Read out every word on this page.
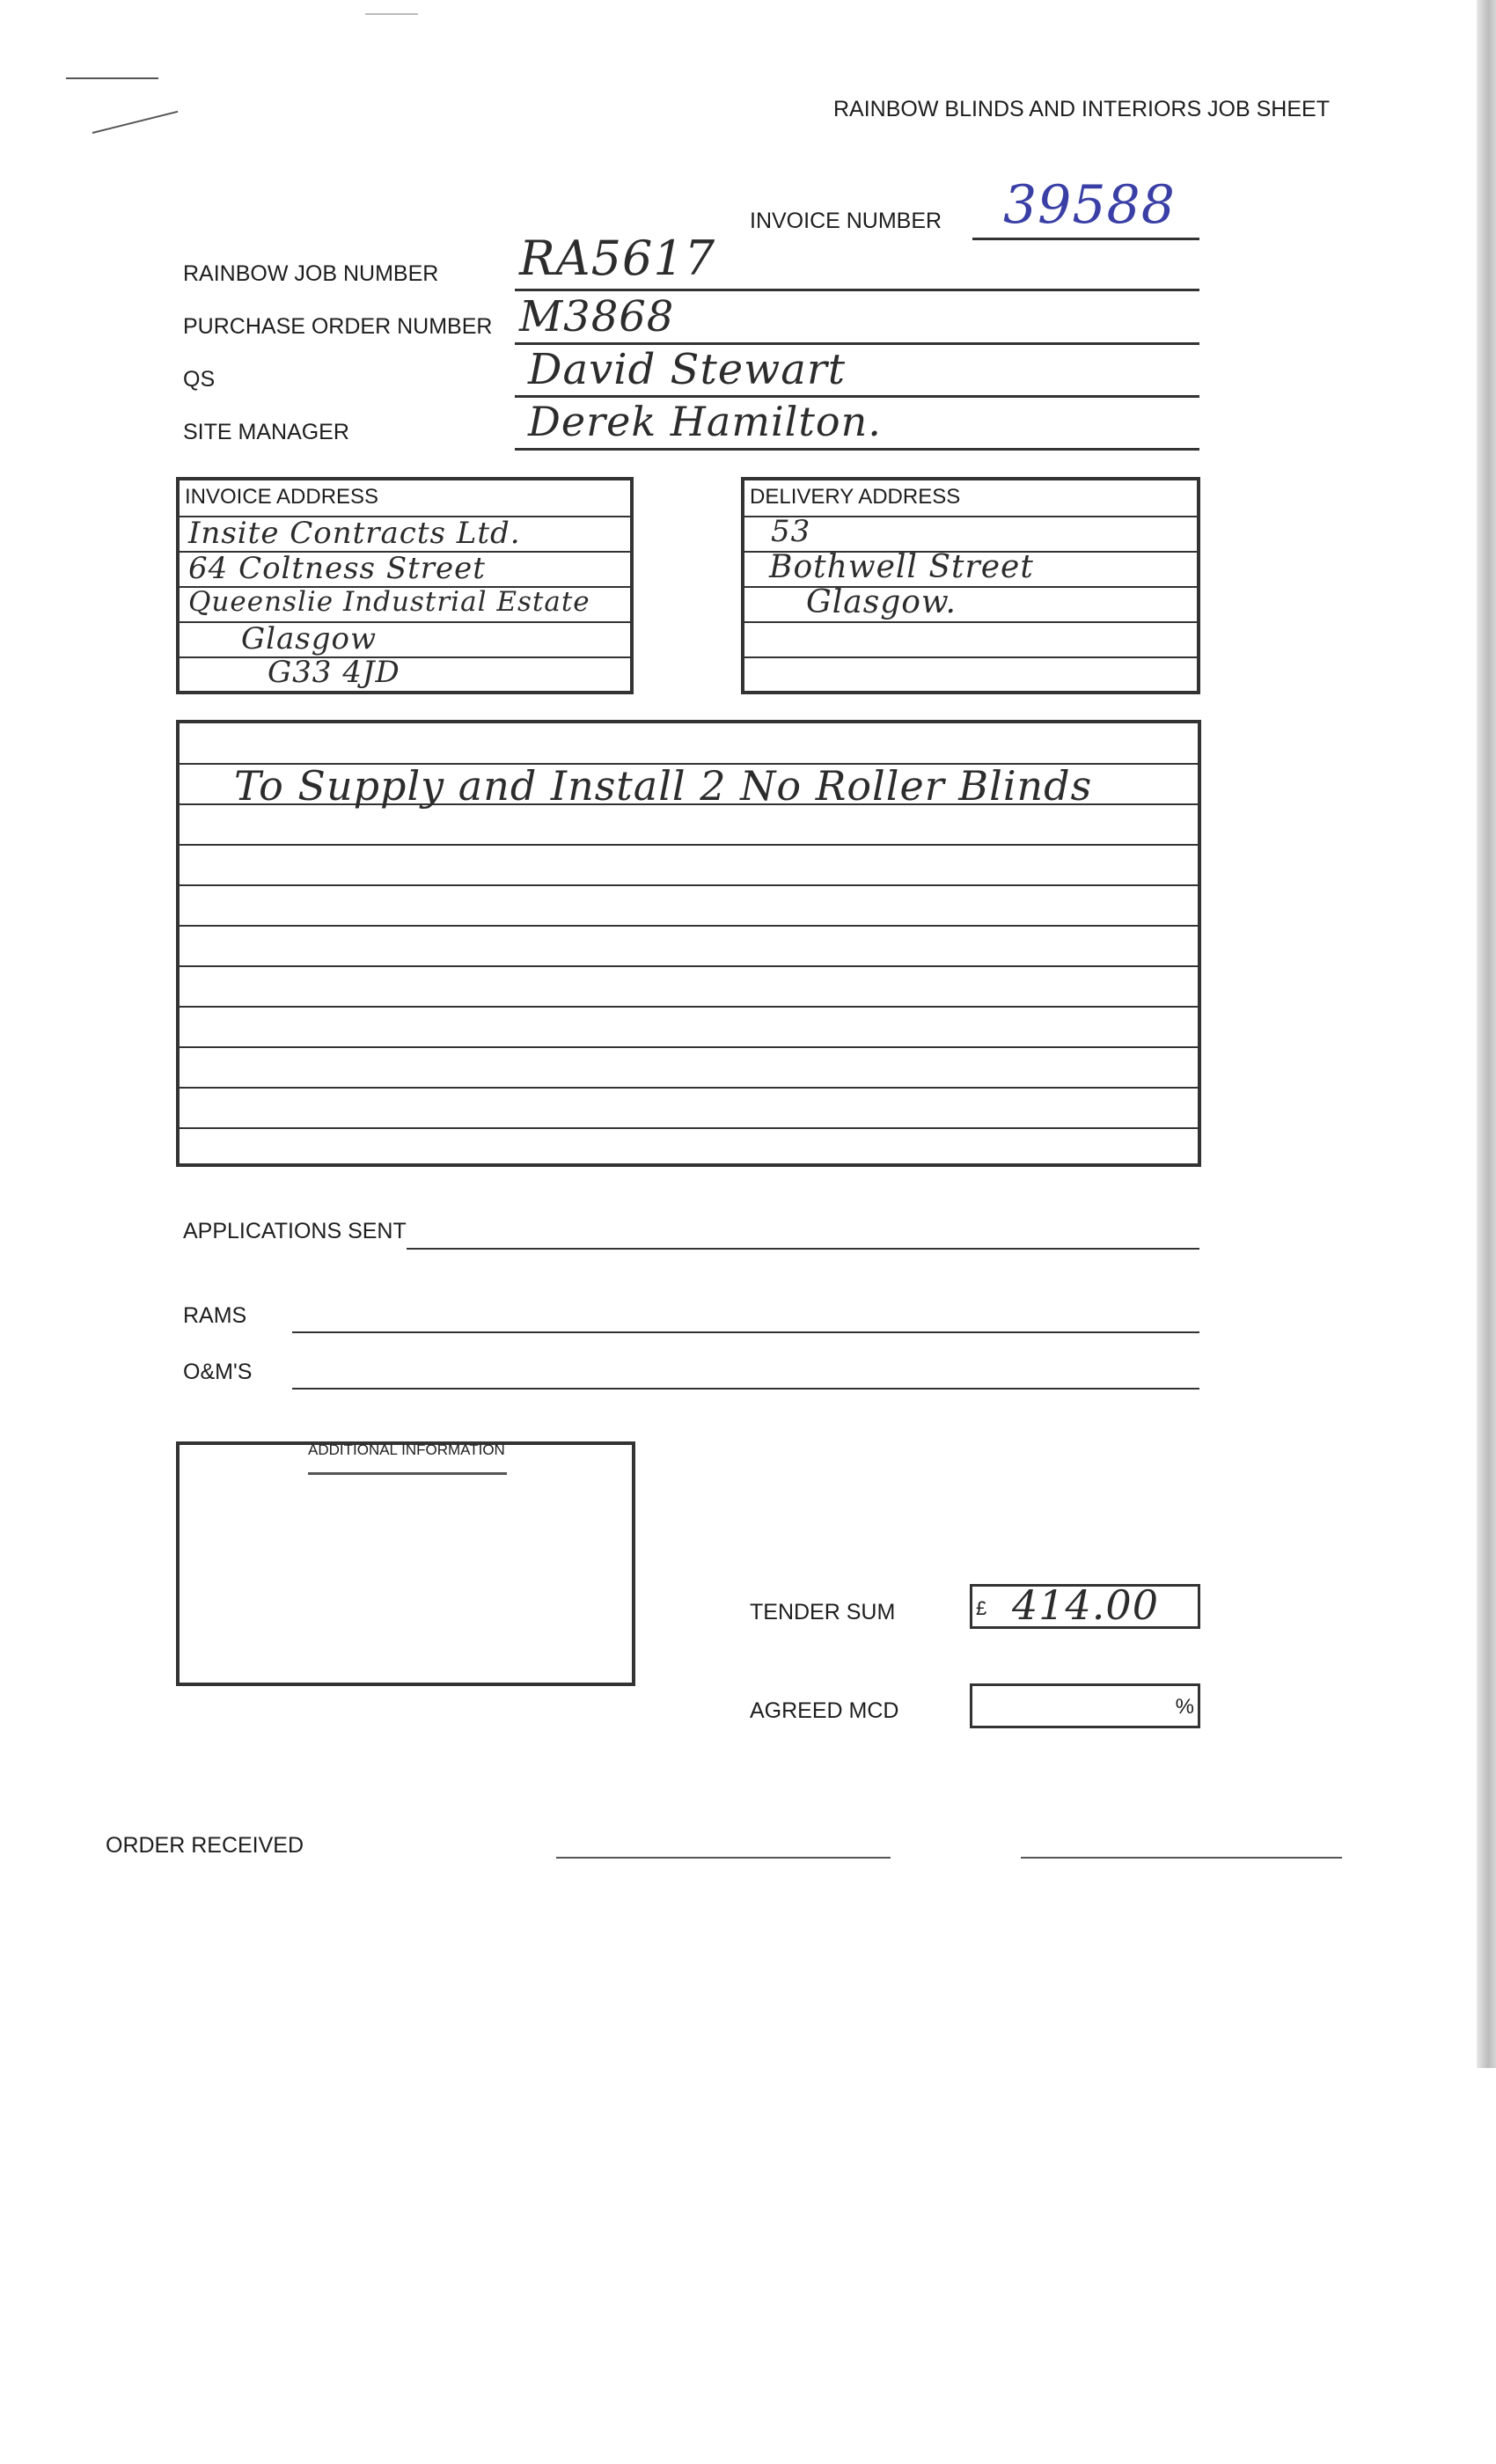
RAINBOW BLINDS AND INTERIORS JOB SHEET
INVOICE NUMBER 39588
RAINBOW JOB NUMBER RA5617
PURCHASE ORDER NUMBER M3868
QS	David Stewart
SITE MANAGER	Derek Hamilton.
INVOICE ADDRESS
Insite Contracts Ltd.
64 Coltness Street
Queenslie Industrial Estate
Glasgow
G33 4JD
DELIVERY ADDRESS
53
Bothwell Street
Glasgow.
To Supply and Install 2 No Roller Blinds
APPLICATIONS SENT
RAMS
O&M'S
ADDITIONAL INFORMATION
TENDER SUM	£ 414.00
AGREED MCD	%
ORDER RECEIVED
